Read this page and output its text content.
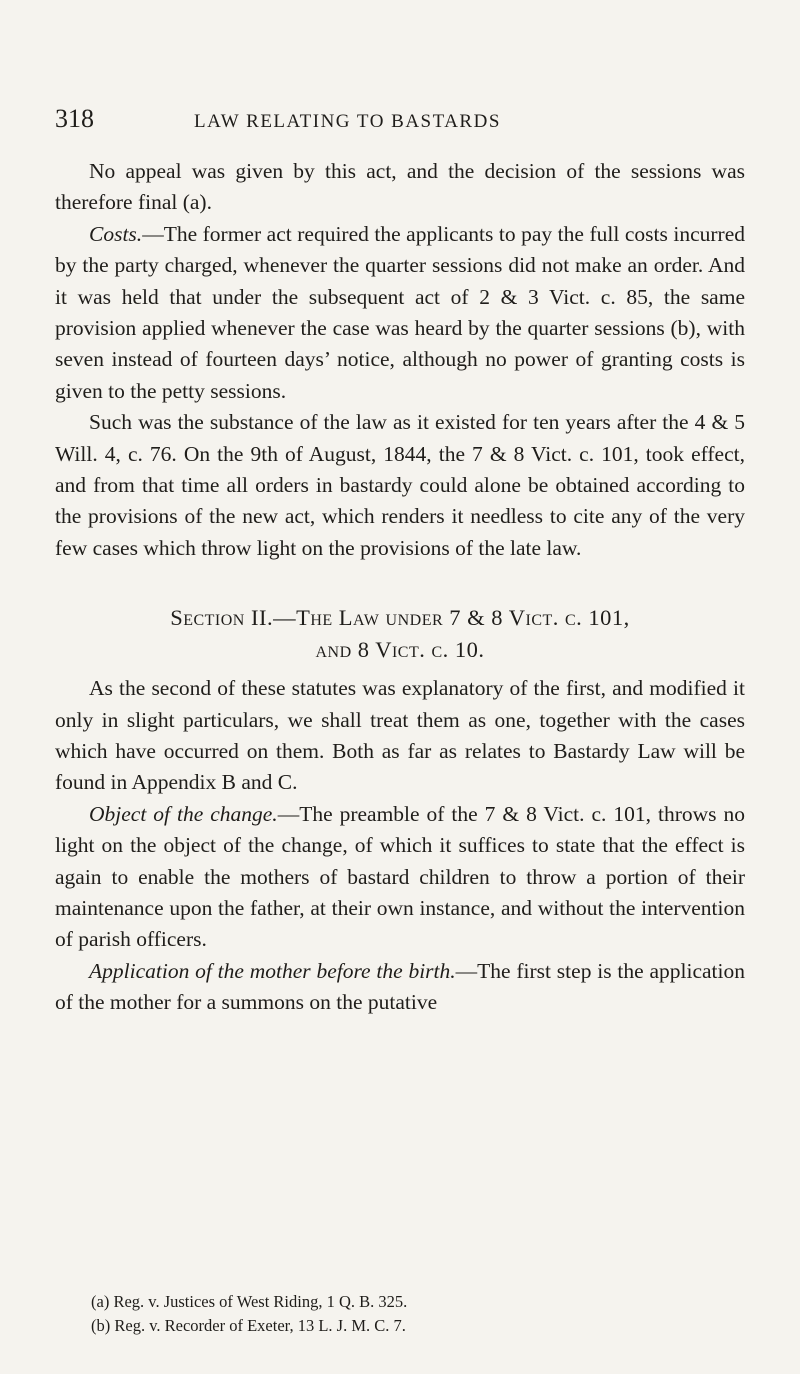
318	LAW RELATING TO BASTARDS

No appeal was given by this act, and the decision of the sessions was therefore final (a).

Costs.—The former act required the applicants to pay the full costs incurred by the party charged, whenever the quarter sessions did not make an order. And it was held that under the subsequent act of 2 & 3 Vict. c. 85, the same provision applied whenever the case was heard by the quarter sessions (b), with seven instead of fourteen days’ notice, although no power of granting costs is given to the petty sessions.

Such was the substance of the law as it existed for ten years after the 4 & 5 Will. 4, c. 76. On the 9th of August, 1844, the 7 & 8 Vict. c. 101, took effect, and from that time all orders in bastardy could alone be obtained according to the provisions of the new act, which renders it needless to cite any of the very few cases which throw light on the provisions of the late law.

Section II.—The Law under 7 & 8 Vict. c. 101,
and 8 Vict. c. 10.

As the second of these statutes was explanatory of the first, and modified it only in slight particulars, we shall treat them as one, together with the cases which have occurred on them. Both as far as relates to Bastardy Law will be found in Appendix B and C.

Object of the change.—The preamble of the 7 & 8 Vict. c. 101, throws no light on the object of the change, of which it suffices to state that the effect is again to enable the mothers of bastard children to throw a portion of their maintenance upon the father, at their own instance, and without the intervention of parish officers.

Application of the mother before the birth.—The first step is the application of the mother for a summons on the putative

(a) Reg. v. Justices of West Riding, 1 Q. B. 325.
(b) Reg. v. Recorder of Exeter, 13 L. J. M. C. 7.
